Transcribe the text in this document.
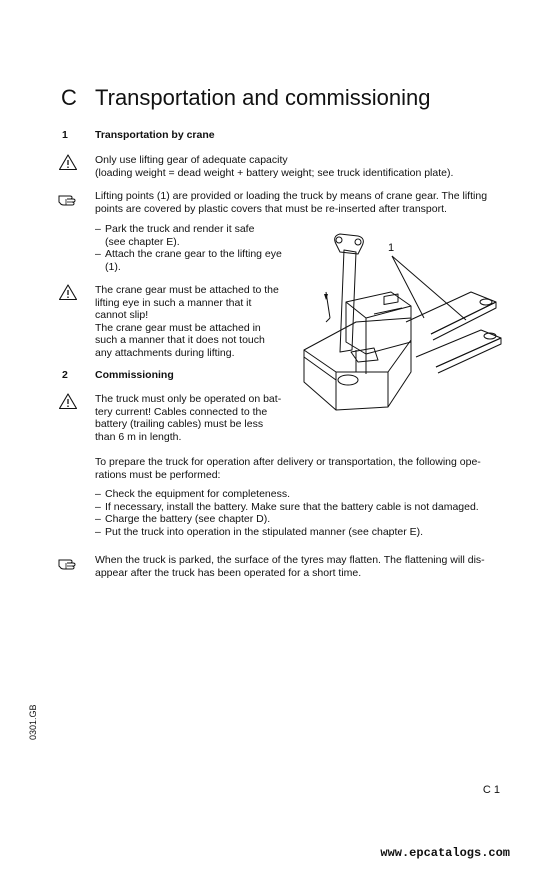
C Transportation and commissioning
1	Transportation by crane

Only use lifting gear of adequate capacity

(loading weight = dead weight + battery weight; see truck identification plate).

Lifting points (1) are provided or loading the truck by means of crane gear. The lifting

points are covered by plastic covers that must be re-inserted after transport.

– Park the truck and render it safe
(see chapter E).
– Attach the crane gear to the lifting eye
(1).

The crane gear must be attached to the

lifting eye in such a manner that it

cannot slip!

The crane gear must be attached in

such a manner that it does not touch

any attachments during lifting.

1
2	Commissioning

The truck must only be operated on bat-

tery current! Cables connected to the

battery (trailing cables) must be less

than 6 m in length.

To prepare the truck for operation after delivery or transportation, the following ope-

rations must be performed:

– Check the equipment for completeness.
– If necessary, install the battery. Make sure that the battery cable is not damaged.
– Charge the battery (see chapter D).
– Put the truck into operation in the stipulated manner (see chapter E).

When the truck is parked, the surface of the tyres may flatten. The flattening will dis-

appear after the truck has been operated for a short time.

0301.GB
C 1
www.epcatalogs.com
